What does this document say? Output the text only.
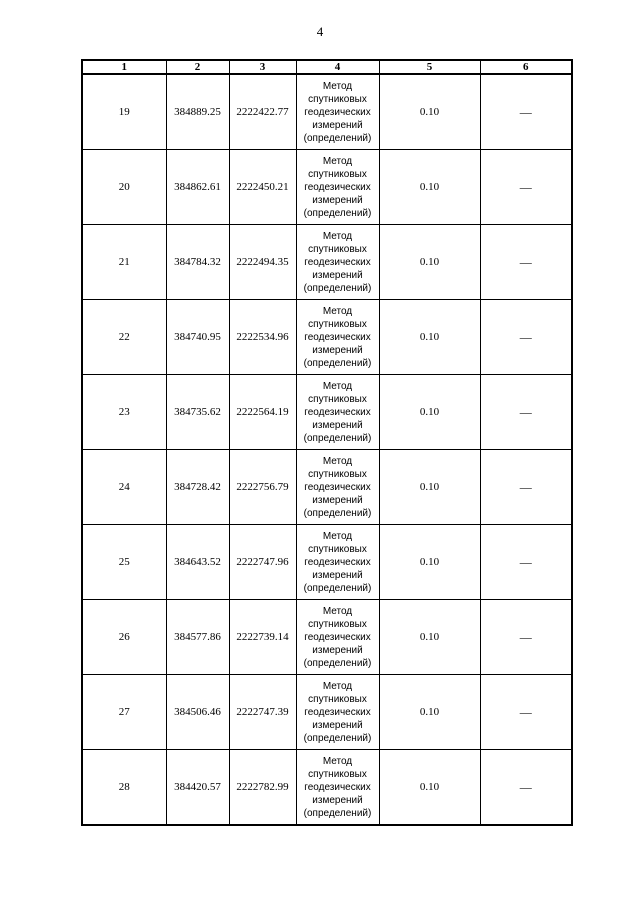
4
1	2	3	4	5	6
19	384889.25	2222422.77	Метод
спутниковых
геодезических
измерений
(определений)	0.10	—
20	384862.61	2222450.21	Метод
спутниковых
геодезических
измерений
(определений)	0.10	—
21	384784.32	2222494.35	Метод
спутниковых
геодезических
измерений
(определений)	0.10	—
22	384740.95	2222534.96	Метод
спутниковых
геодезических
измерений
(определений)	0.10	—
23	384735.62	2222564.19	Метод
спутниковых
геодезических
измерений
(определений)	0.10	—
24	384728.42	2222756.79	Метод
спутниковых
геодезических
измерений
(определений)	0.10	—
25	384643.52	2222747.96	Метод
спутниковых
геодезических
измерений
(определений)	0.10	—
26	384577.86	2222739.14	Метод
спутниковых
геодезических
измерений
(определений)	0.10	—
27	384506.46	2222747.39	Метод
спутниковых
геодезических
измерений
(определений)	0.10	—
28	384420.57	2222782.99	Метод
спутниковых
геодезических
измерений
(определений)	0.10	—
